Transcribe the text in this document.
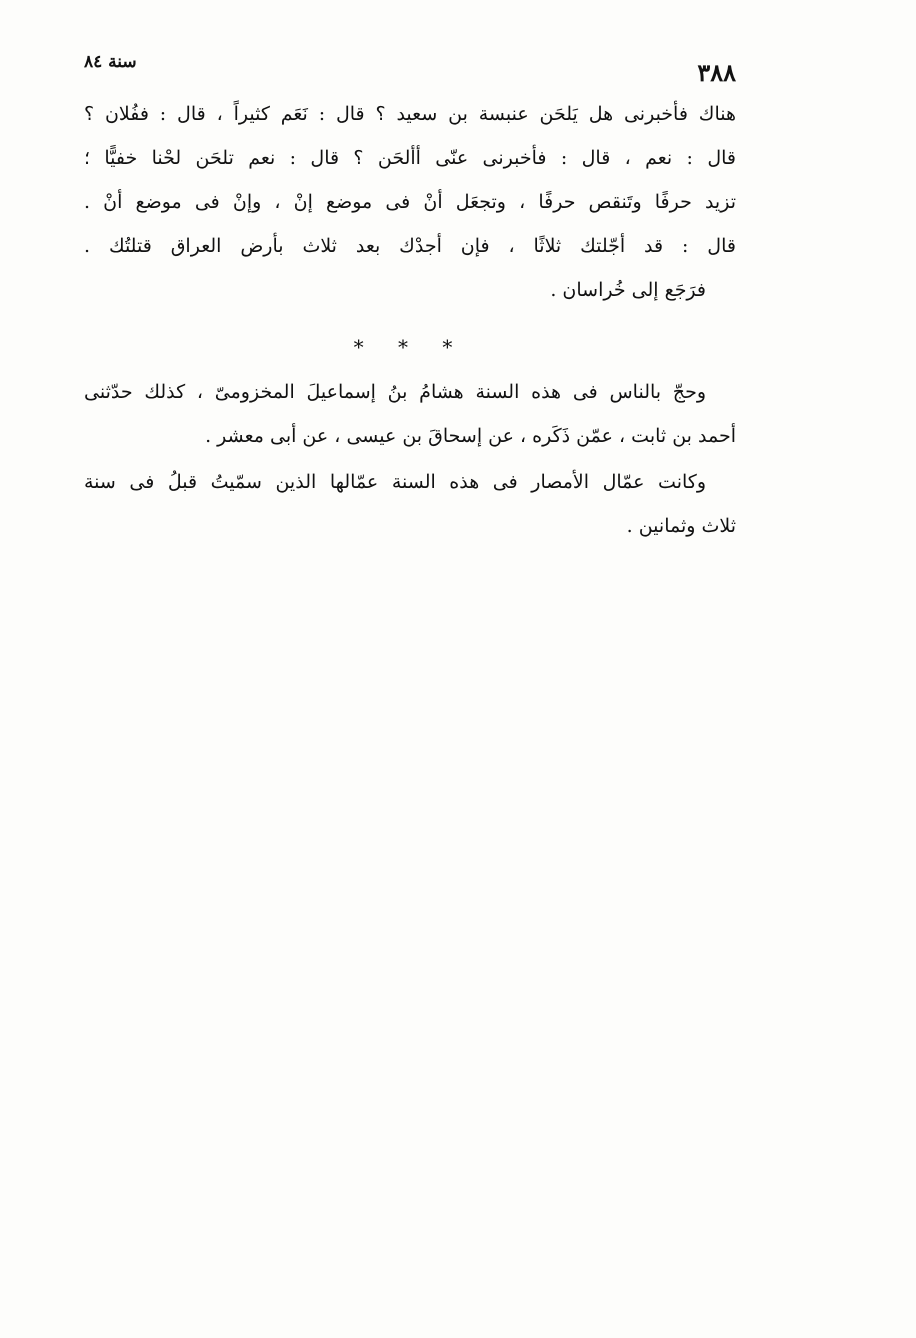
٣٨٨
سنة ٨٤
هناك فأخبرنى هل يَلحَن عنبسة بن سعيد ؟ قال : نَعَم كثيراً ، قال : ففُلان ؟
قال : نعم ، قال : فأخبرنى عنّى أألحَن ؟ قال : نعم تلحَن لحْنا خفيًّا ؛
تزيد حرفًا وتَنقص حرفًا ، وتجعَل أنْ فى موضع إنْ ، وإنْ فى موضع أنْ .
قال : قد أجّلتك ثلاثًا ، فإن أجدْك بعد ثلاث بأرض العراق قتلتُك .
فرَجَع إلى خُراسان .
* * *
وحجّ بالناس فى هذه السنة هشامُ بنُ إسماعيلَ المخزومىّ ، كذلك حدّثنى
أحمد بن ثابت ، عمّن ذَكَره ، عن إسحاقَ بن عيسى ، عن أبى معشر .
وكانت عمّال الأمصار فى هذه السنة عمّالها الذين سمّيتُ قبلُ فى سنة
ثلاث وثمانين .
